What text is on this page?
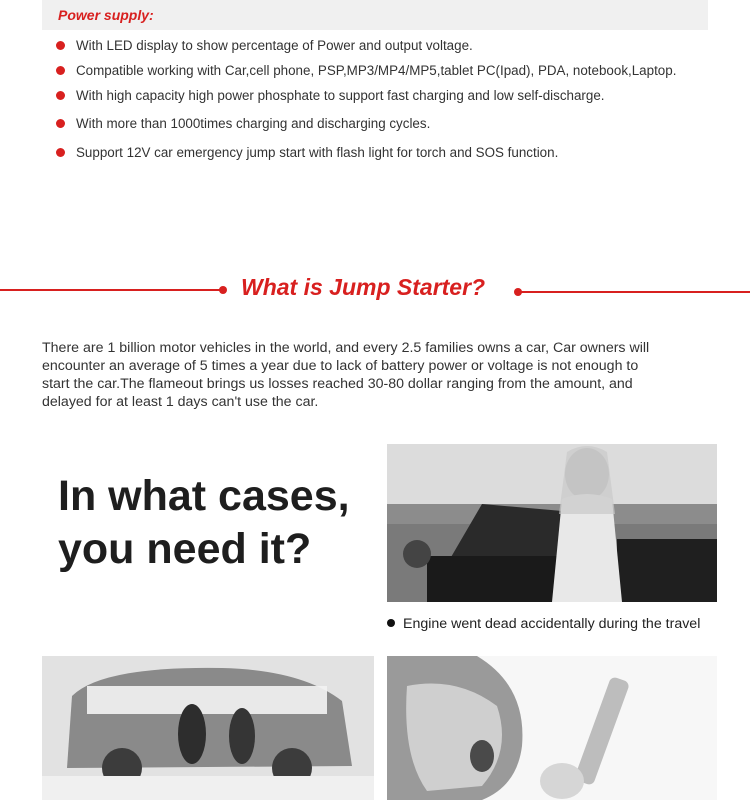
Power supply:
With LED display to show percentage of Power and output voltage.
Compatible working with Car,cell phone, PSP,MP3/MP4/MP5,tablet PC(Ipad), PDA, notebook,Laptop.
With high capacity high power phosphate to support fast charging and low self-discharge.
With more than 1000times charging and discharging cycles.
Support 12V car emergency jump start with flash light for torch and SOS function.
What is Jump Starter?

There are 1 billion motor vehicles in the world, and every 2.5 families owns a car, Car owners will encounter an average of 5 times a year due to lack of battery power or voltage is not enough to start the car.The flameout brings us losses reached 30-80 dollar ranging from the amount, and delayed for at least 1 days can't use the car.

In what cases,
you need it?
Engine went dead accidentally during the travel
